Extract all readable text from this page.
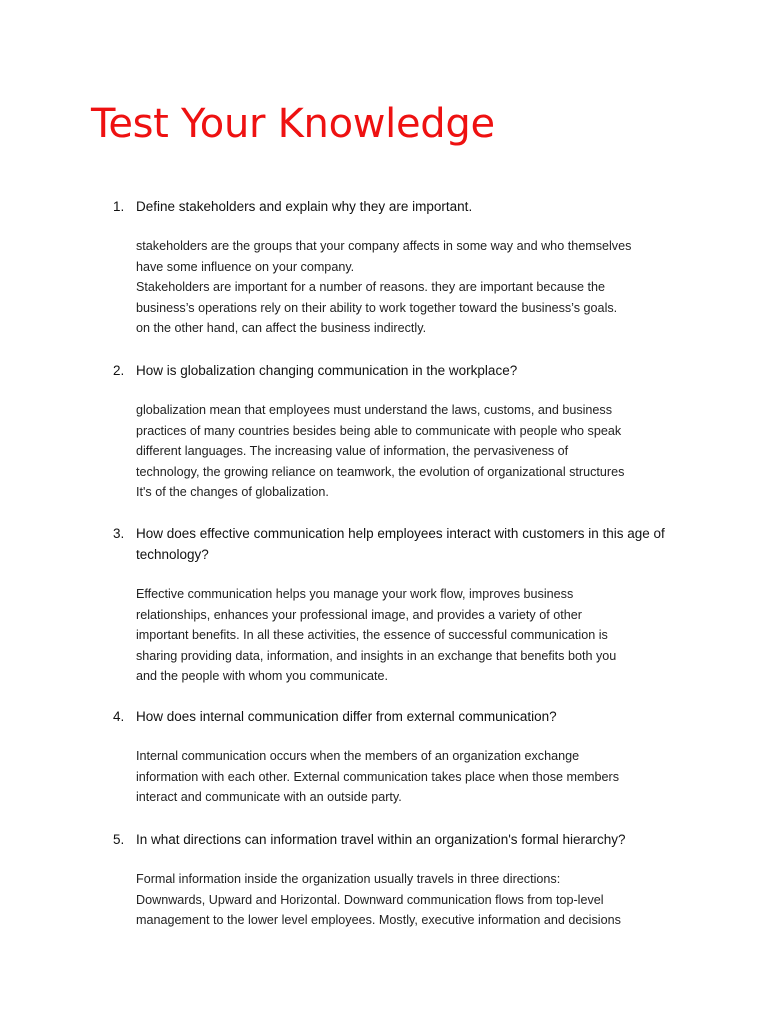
Test Your Knowledge
1. Define stakeholders and explain why they are important.
stakeholders are the groups that your company affects in some way and who themselves
have some influence on your company.
Stakeholders are important for a number of reasons. they are important because the
business’s operations rely on their ability to work together toward the business’s goals.
on the other hand, can affect the business indirectly.
2. How is globalization changing communication in the workplace?
globalization mean that employees must understand the laws, customs, and business
practices of many countries besides being able to communicate with people who speak
different languages. The increasing value of information, the pervasiveness of
technology, the growing reliance on teamwork, the evolution of organizational structures
It's of the changes of globalization.
3. How does effective communication help employees interact with customers in this age of technology?
Effective communication helps you manage your work flow, improves business
relationships, enhances your professional image, and provides a variety of other
important benefits. In all these activities, the essence of successful communication is
sharing providing data, information, and insights in an exchange that benefits both you
and the people with whom you communicate.
4. How does internal communication differ from external communication?
Internal communication occurs when the members of an organization exchange
information with each other. External communication takes place when those members
interact and communicate with an outside party.
5. In what directions can information travel within an organization's formal hierarchy?
Formal information inside the organization usually travels in three directions:
Downwards, Upward and Horizontal. Downward communication flows from top-level
management to the lower level employees. Mostly, executive information and decisions
